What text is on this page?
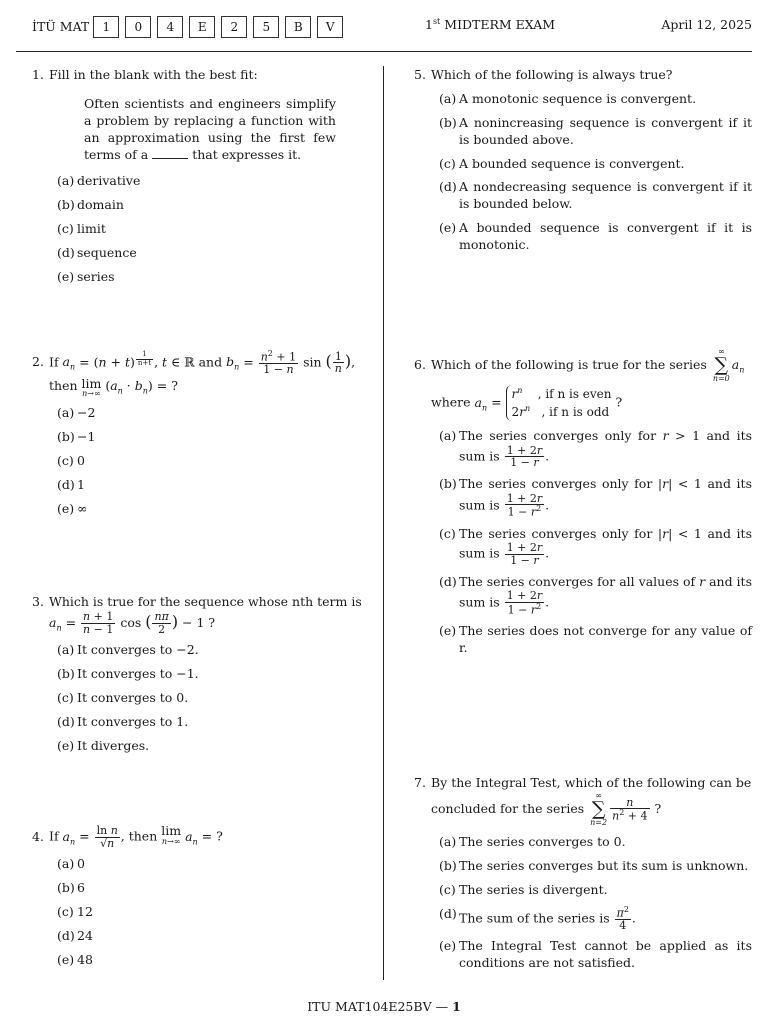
İTÜ MAT	1	0	4	E	2	5	B	V	1st MIDTERM EXAM	April 12, 2025
1. Fill in the blank with the best fit:
Often scientists and engineers simplify a problem by replacing a function with an approximation using the first few terms of a	that expresses it.
(a) derivative
(b) domain
(c) limit
(d) sequence
(e) series
2. If $a_n = (n + t)$ $^{\frac{1}{n+t}}$ , t ∈ ℝ and $b_n = \frac{n^2 + 1}{1 - n}$ sin ( $\frac{1}{n}$ ),
then lim
n→∞
$(a_n \cdot b_n)$ = ?
(a) −2
(b) −1
(c) 0
(d) 1
(e) ∞
3. Which is true for the sequence whose nth term is
$a_n = \frac{n + 1}{n - 1}$ cos ( $\frac{n\pi}{2}$ ) − 1 ?
(a) It converges to −2.
(b) It converges to −1.
(c) It converges to 0.
(d) It converges to 1.
(e) It diverges.
4. If $a_n = \frac{\text{ln n}}{√n}$ , then lim
n→∞ $a_n$ = ?
(a) 0
(b) 6
(c) 12
(d) 24
(e) 48
5. Which of the following is always true?
(a) A monotonic sequence is convergent.
(b) A nonincreasing sequence is convergent if it is bounded above.
(c) A bounded sequence is convergent.
(d) A nondecreasing sequence is convergent if it is bounded below.
(e) A bounded sequence is convergent if it is monotonic.
6. Which of the following is true for the series
∞
∑
n=0
$a_n$
where $a_n$ =
$r^n$ , if n is even
$2r^n$ , if n is odd
?
(a) The series converges only for r > 1 and its sum is $\frac{1 + 2r}{1 - r}$ .
(b) The series converges only for |r| < 1 and its sum is $\frac{1 + 2r}{1 - r^2}$ .
(c) The series converges only for |r| < 1 and its sum is $\frac{1 + 2r}{1 - r}$ .
(d) The series converges for all values of r and its sum is $\frac{1 + 2r}{1 - r^2}$ .
(e) The series does not converge for any value of r.
7. By the Integral Test, which of the following can be
concluded for the series
∞
∑
n=2
$\frac{n}{n^2 + 4}$ ?
(a) The series converges to 0.
(b) The series converges but its sum is unknown.
(c) The series is divergent.
(d) The sum of the series is $\frac{\pi^2}{4}$ .
(e) The Integral Test cannot be applied as its conditions are not satisfied.
ITU MAT104E25BV — 1
